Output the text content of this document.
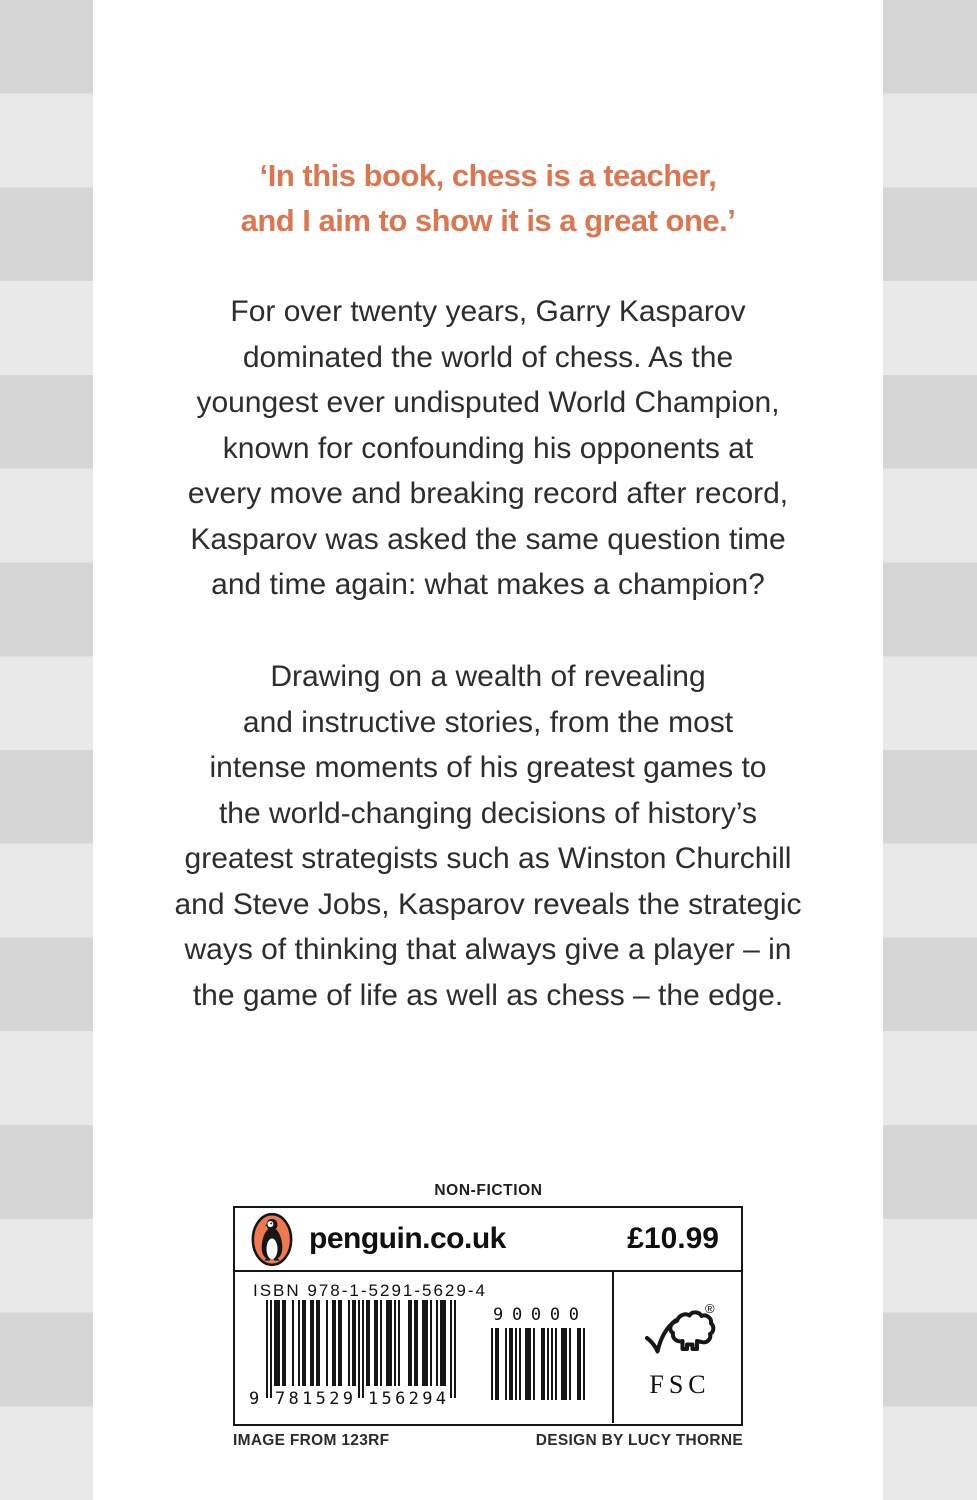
‘In this book, chess is a teacher,
and I aim to show it is a great one.’
For over twenty years, Garry Kasparov
dominated the world of chess. As the
youngest ever undisputed World Champion,
known for confounding his opponents at
every move and breaking record after record,
Kasparov was asked the same question time
and time again: what makes a champion?
Drawing on a wealth of revealing
and instructive stories, from the most
intense moments of his greatest games to
the world-changing decisions of history’s
greatest strategists such as Winston Churchill
and Steve Jobs, Kasparov reveals the strategic
ways of thinking that always give a player – in
the game of life as well as chess – the edge.
NON-FICTION
penguin.co.uk	£10.99
ISBN 978-1-5291-5629-4
9 781529 156294
90000	®
FSC
IMAGE FROM 123RF	DESIGN BY LUCY THORNE
